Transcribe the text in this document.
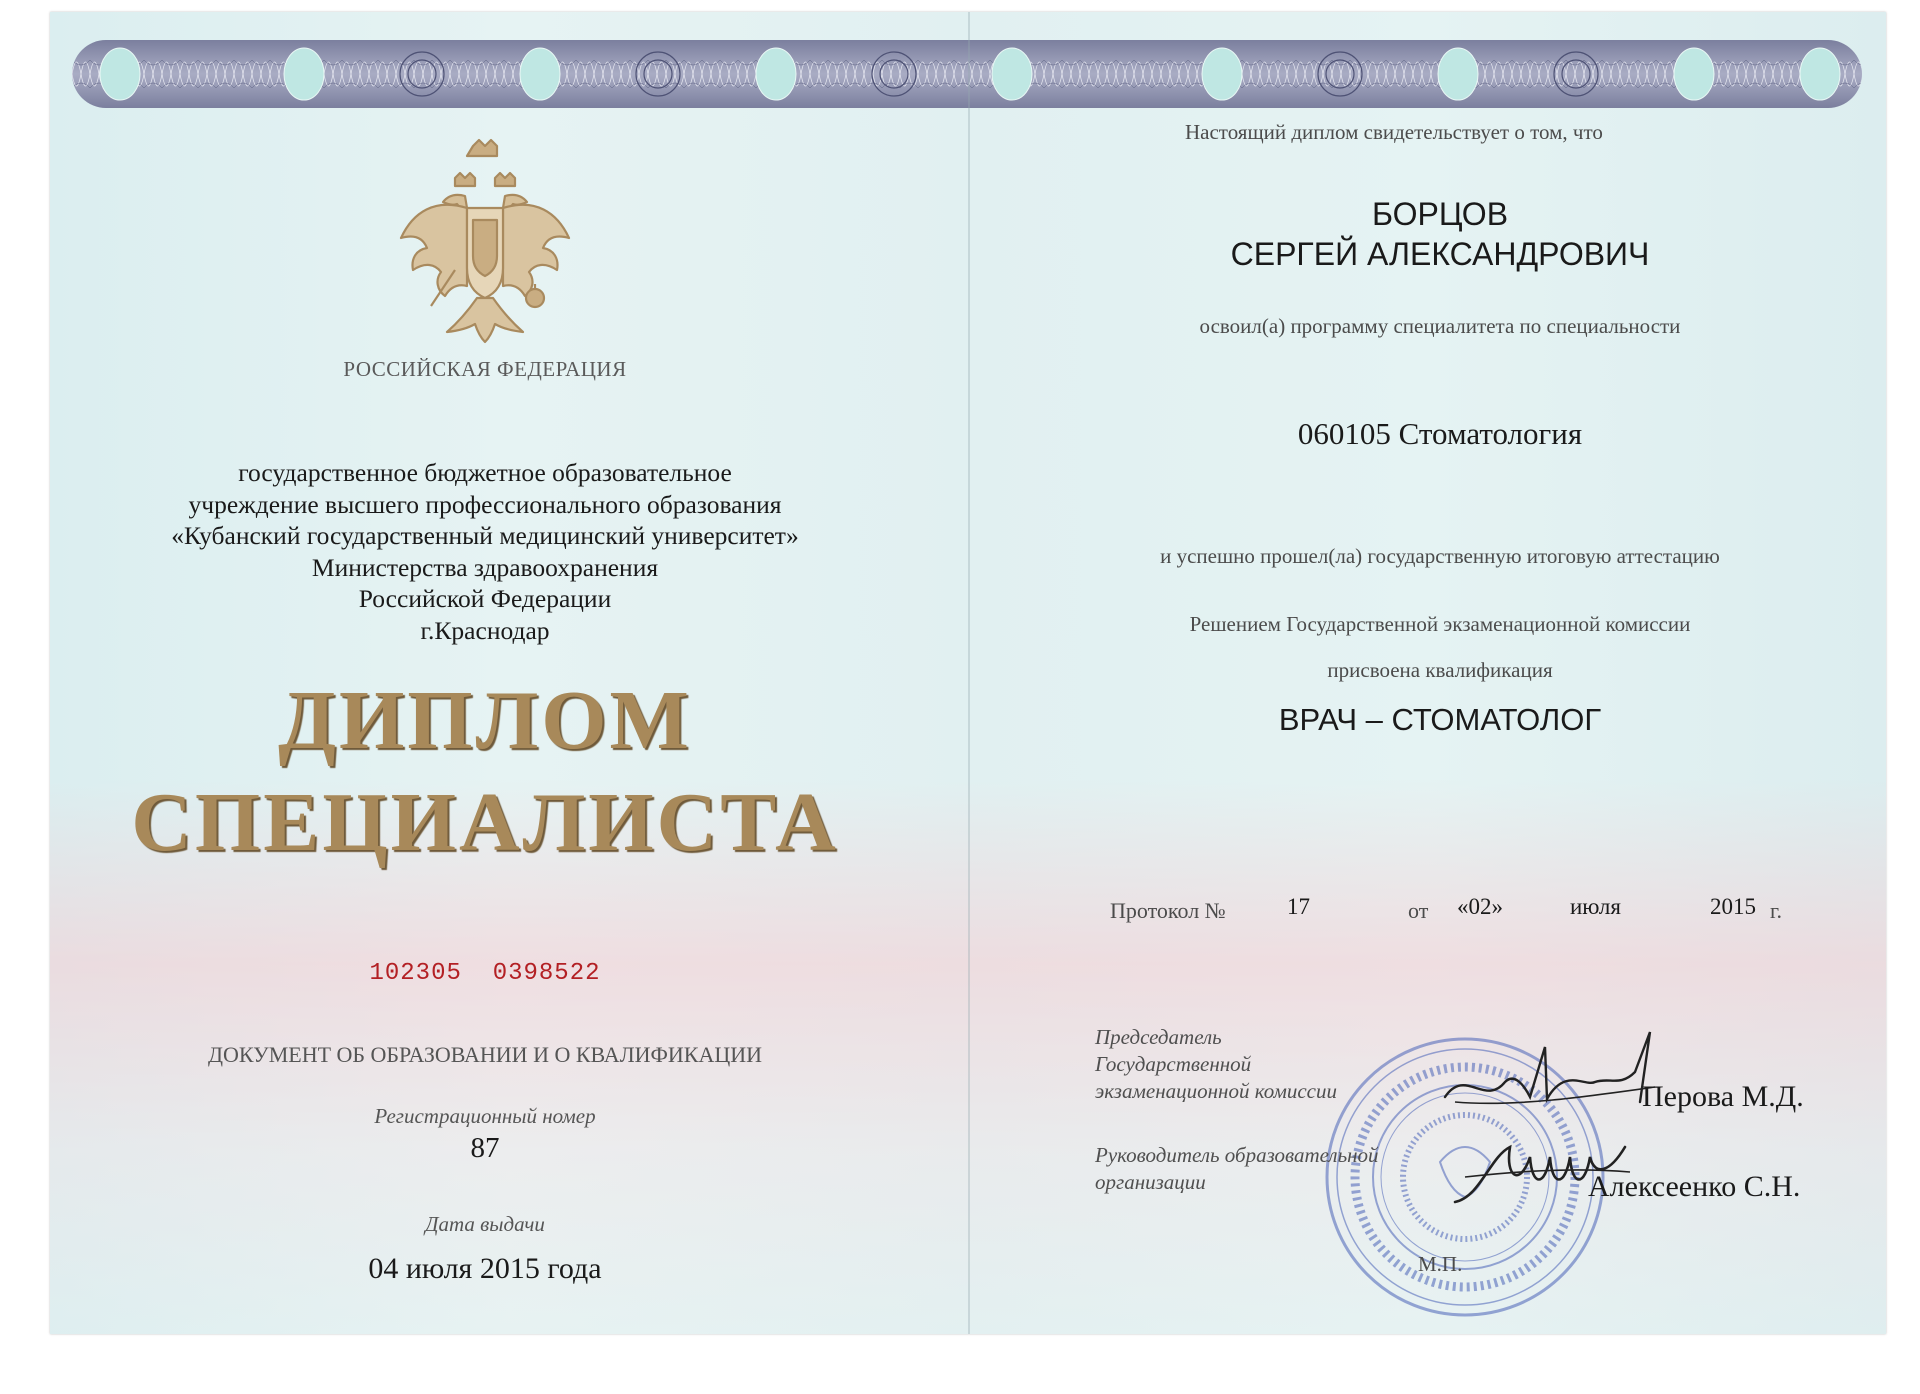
РОССИЙСКАЯ ФЕДЕРАЦИЯ
государственное бюджетное образовательное
учреждение высшего профессионального образования
«Кубанский государственный медицинский университет»
Министерства здравоохранения
Российской Федерации
г.Краснодар
ДИПЛОМ
СПЕЦИАЛИСТА
102305  0398522
ДОКУМЕНТ ОБ ОБРАЗОВАНИИ И О КВАЛИФИКАЦИИ
Регистрационный номер
87
Дата выдачи
04 июля 2015 года
Настоящий диплом свидетельствует о том, что
БОРЦОВ
СЕРГЕЙ АЛЕКСАНДРОВИЧ
освоил(а) программу специалитета по специальности
060105 Стоматология
и успешно прошел(ла) государственную итоговую аттестацию
Решением Государственной экзаменационной комиссии
присвоена квалификация
ВРАЧ – СТОМАТОЛОГ
Протокол №	17	от «02»	июля	2015 г.
Председатель
Государственной
экзаменационной комиссии	Перова М.Д.
Руководитель образовательной
организации	Алексеенко С.Н.
М.П.
